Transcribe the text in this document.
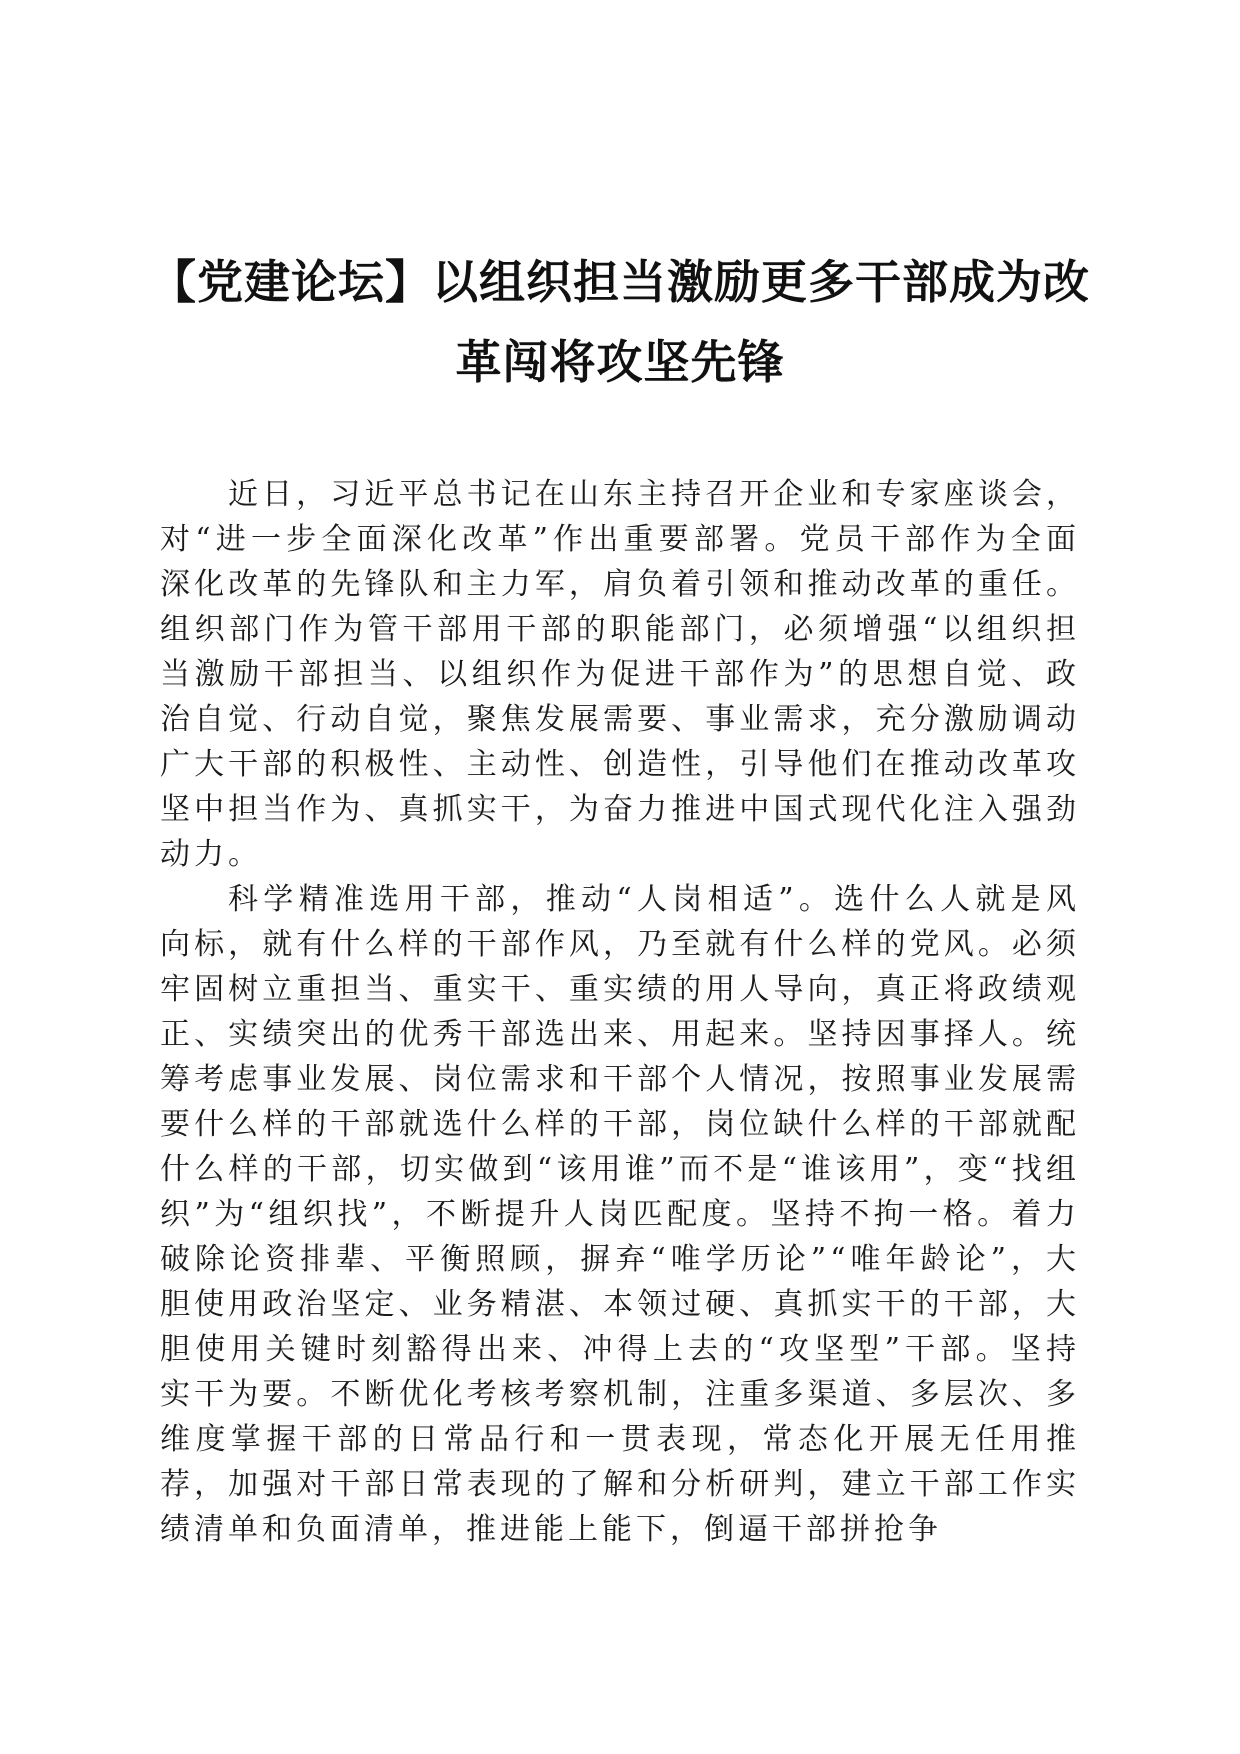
【党建论坛】以组织担当激励更多干部成为改
革闯将攻坚先锋

近日，习近平总书记在山东主持召开企业和专家座谈会，对“进一步全面深化改革”作出重要部署。党员干部作为全面深化改革的先锋队和主力军，肩负着引领和推动改革的重任。组织部门作为管干部用干部的职能部门，必须增强“以组织担当激励干部担当、以组织作为促进干部作为”的思想自觉、政治自觉、行动自觉，聚焦发展需要、事业需求，充分激励调动广大干部的积极性、主动性、创造性，引导他们在推动改革攻坚中担当作为、真抓实干，为奋力推进中国式现代化注入强劲动力。

科学精准选用干部，推动“人岗相适”。选什么人就是风向标，就有什么样的干部作风，乃至就有什么样的党风。必须牢固树立重担当、重实干、重实绩的用人导向，真正将政绩观正、实绩突出的优秀干部选出来、用起来。坚持因事择人。统筹考虑事业发展、岗位需求和干部个人情况，按照事业发展需要什么样的干部就选什么样的干部，岗位缺什么样的干部就配什么样的干部，切实做到“该用谁”而不是“谁该用”，变“找组织”为“组织找”，不断提升人岗匹配度。坚持不拘一格。着力破除论资排辈、平衡照顾，摒弃“唯学历论”“唯年龄论”，大胆使用政治坚定、业务精湛、本领过硬、真抓实干的干部，大胆使用关键时刻豁得出来、冲得上去的“攻坚型”干部。坚持实干为要。不断优化考核考察机制，注重多渠道、多层次、多维度掌握干部的日常品行和一贯表现，常态化开展无任用推荐，加强对干部日常表现的了解和分析研判，建立干部工作实绩清单和负面清单，推进能上能下，倒逼干部拼抢争
